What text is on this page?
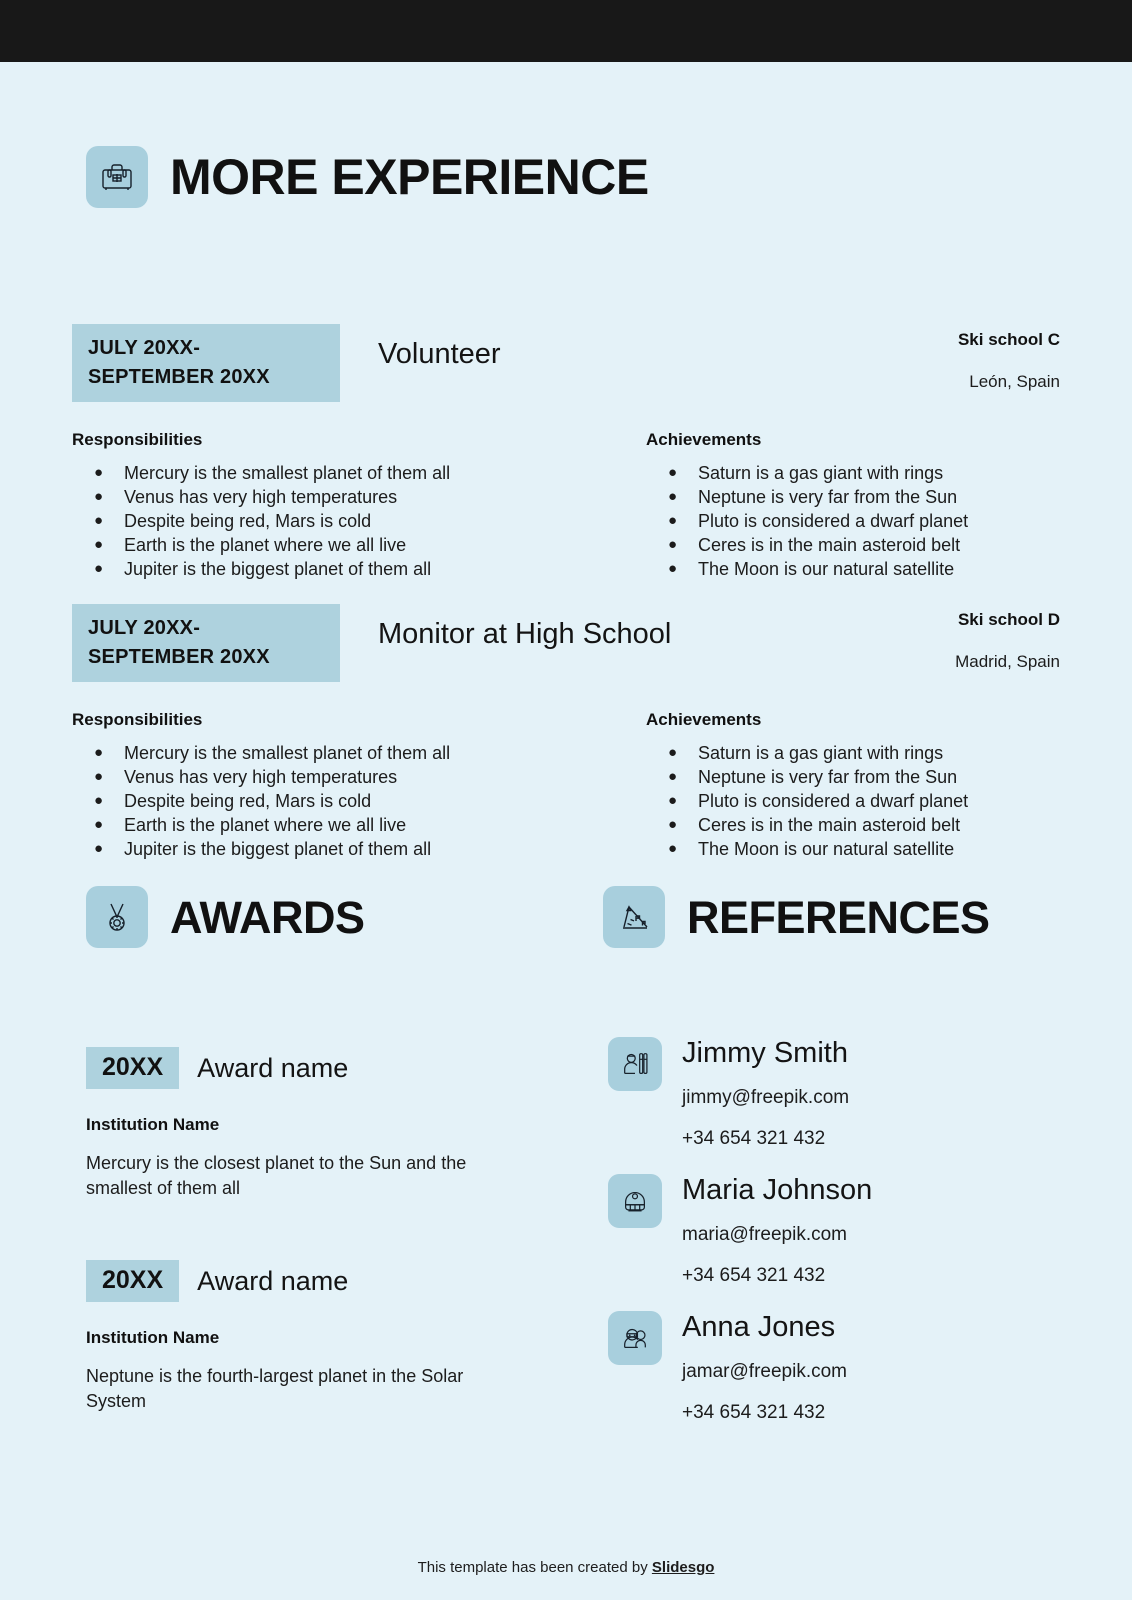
MORE EXPERIENCE
JULY 20XX-
SEPTEMBER 20XX
Volunteer	Ski school C
León, Spain
Responsibilities
●	Mercury is the smallest planet of them all
●	Venus has very high temperatures
●	Despite being red, Mars is cold
●	Earth is the planet where we all live
●	Jupiter is the biggest planet of them all
Achievements
●	Saturn is a gas giant with rings
●	Neptune is very far from the Sun
●	Pluto is considered a dwarf planet
●	Ceres is in the main asteroid belt
●	The Moon is our natural satellite
JULY 20XX-
SEPTEMBER 20XX
Monitor at High School	Ski school D
Madrid, Spain
Responsibilities
●	Mercury is the smallest planet of them all
●	Venus has very high temperatures
●	Despite being red, Mars is cold
●	Earth is the planet where we all live
●	Jupiter is the biggest planet of them all
Achievements
●	Saturn is a gas giant with rings
●	Neptune is very far from the Sun
●	Pluto is considered a dwarf planet
●	Ceres is in the main asteroid belt
●	The Moon is our natural satellite
AWARDS
20XX	Award name
Institution Name
Mercury is the closest planet to the Sun and the smallest of them all
20XX	Award name
Institution Name
Neptune is the fourth-largest planet in the Solar System
REFERENCES
Jimmy Smith
jimmy@freepik.com
+34 654 321 432
Maria Johnson
maria@freepik.com
+34 654 321 432
Anna Jones
jamar@freepik.com
+34 654 321 432
This template has been created by Slidesgo
